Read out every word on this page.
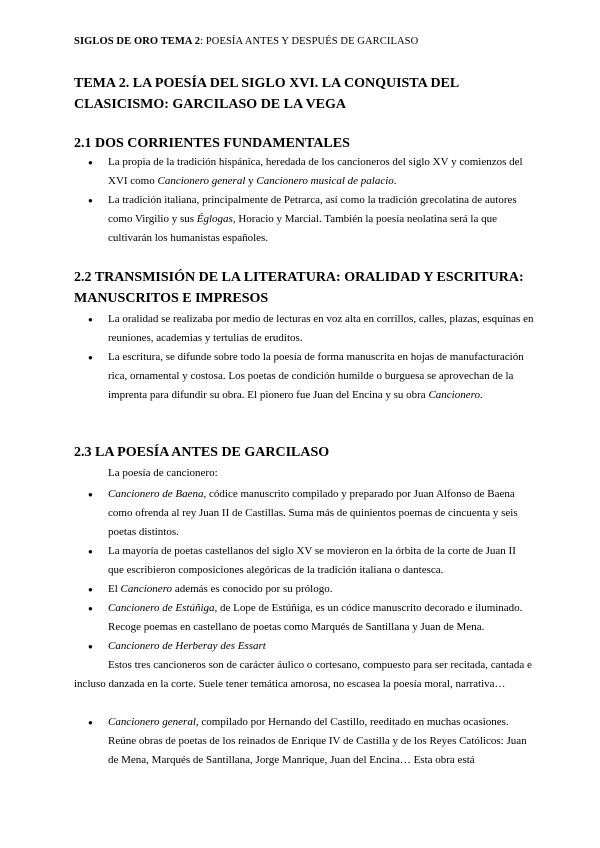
SIGLOS DE ORO TEMA 2: POESÍA ANTES Y DESPUÉS DE GARCILASO
TEMA 2. LA POESÍA DEL SIGLO XVI. LA CONQUISTA DEL CLASICISMO: GARCILASO DE LA VEGA
2.1 DOS CORRIENTES FUNDAMENTALES
● La propia de la tradición hispánica, heredada de los cancioneros del siglo XV y comienzos del XVI como Cancionero general y Cancionero musical de palacio.
● La tradición italiana, principalmente de Petrarca, así como la tradición grecolatina de autores como Virgilio y sus Églogas, Horacio y Marcial. También la poesía neolatina será la que cultivarán los humanistas españoles.
2.2 TRANSMISIÓN DE LA LITERATURA: ORALIDAD Y ESCRITURA: MANUSCRITOS E IMPRESOS
● La oralidad se realizaba por medio de lecturas en voz alta en corrillos, calles, plazas, esquinas en reuniones, academias y tertulias de eruditos.
● La escritura, se difunde sobre todo la poesía de forma manuscrita en hojas de manufacturación rica, ornamental y costosa. Los poetas de condición humilde o burguesa se aprovechan de la imprenta para difundir su obra. El pionero fue Juan del Encina y su obra Cancionero.
2.3 LA POESÍA ANTES DE GARCILASO

La poesía de cancionero:

● Cancionero de Baena, códice manuscrito compilado y preparado por Juan Alfonso de Baena como ofrenda al rey Juan II de Castillas. Suma más de quinientos poemas de cincuenta y seis poetas distintos.
● La mayoría de poetas castellanos del siglo XV se movieron en la órbita de la corte de Juan II que escribieron composiciones alegóricas de la tradición italiana o dantesca.
● El Cancionero además es conocido por su prólogo.
● Cancionero de Estúñiga, de Lope de Estúñiga, es un códice manuscrito decorado e iluminado. Recoge poemas en castellano de poetas como Marqués de Santillana y Juan de Mena.
● Cancionero de Herberay des Essart

Estos tres cancioneros son de carácter áulico o cortesano, compuesto para ser recitada, cantada e incluso danzada en la corte. Suele tener temática amorosa, no escasea la poesía moral, narrativa…

● Cancionero general, compilado por Hernando del Castillo, reeditado en muchas ocasiones. Reúne obras de poetas de los reinados de Enrique IV de Castilla y de los Reyes Católicos: Juan de Mena, Marqués de Santillana, Jorge Manrique, Juan del Encina… Esta obra está
